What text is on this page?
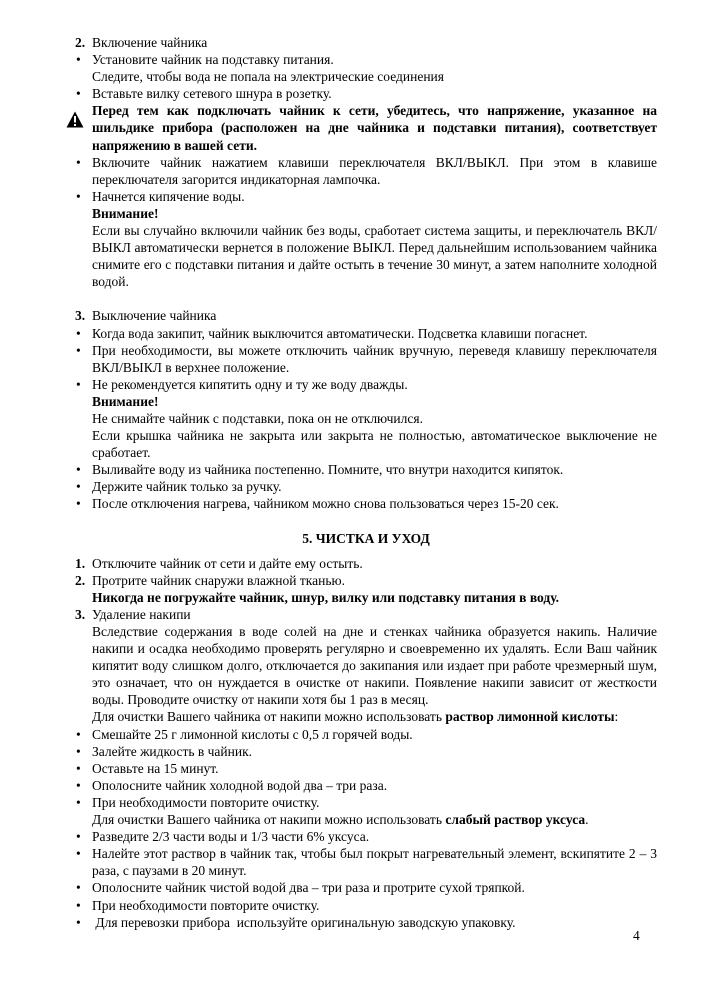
2. Включение чайника
• Установите чайник на подставку питания.
Следите, чтобы вода не попала на электрические соединения
• Вставьте вилку сетевого шнура в розетку.
Перед тем как подключать чайник к сети, убедитесь, что напряжение, указанное на шильдике прибора (расположен на дне чайника и подставки питания), соответствует напряжению в вашей сети.
• Включите чайник нажатием клавиши переключателя ВКЛ/ВЫКЛ. При этом в клавише переключателя загорится индикаторная лампочка.
• Начнется кипячение воды.
Внимание!
Если вы случайно включили чайник без воды, сработает система защиты, и переключатель ВКЛ/ВЫКЛ автоматически вернется в положение ВЫКЛ. Перед дальнейшим использованием чайника снимите его с подставки питания и дайте остыть в течение 30 минут, а затем наполните холодной водой.
3. Выключение чайника
• Когда вода закипит, чайник выключится автоматически. Подсветка клавиши погаснет.
• При необходимости, вы можете отключить чайник вручную, переведя клавишу переключателя ВКЛ/ВЫКЛ в верхнее положение.
• Не рекомендуется кипятить одну и ту же воду дважды.
Внимание!
Не снимайте чайник с подставки, пока он не отключился.
Если крышка чайника не закрыта или закрыта не полностью, автоматическое выключение не сработает.
• Выливайте воду из чайника постепенно. Помните, что внутри находится кипяток.
• Держите чайник только за ручку.
• После отключения нагрева, чайником можно снова пользоваться через 15-20 сек.
5. ЧИСТКА И УХОД
1. Отключите чайник от сети и дайте ему остыть.
2. Протрите чайник снаружи влажной тканью.
Никогда не погружайте чайник, шнур, вилку или подставку питания в воду.
3. Удаление накипи
Вследствие содержания в воде солей на дне и стенках чайника образуется накипь. Наличие накипи и осадка необходимо проверять регулярно и своевременно их удалять. Если Ваш чайник кипятит воду слишком долго, отключается до закипания или издает при работе чрезмерный шум, это означает, что он нуждается в очистке от накипи. Появление накипи зависит от жесткости воды. Проводите очистку от накипи хотя бы 1 раз в месяц.
Для очистки Вашего чайника от накипи можно использовать раствор лимонной кислоты:
• Смешайте 25 г лимонной кислоты с 0,5 л горячей воды.
• Залейте жидкость в чайник.
• Оставьте на 15 минут.
• Ополосните чайник холодной водой два – три раза.
• При необходимости повторите очистку.
Для очистки Вашего чайника от накипи можно использовать слабый раствор уксуса.
• Разведите 2/3 части воды и 1/3 части 6% уксуса.
• Налейте этот раствор в чайник так, чтобы был покрыт нагревательный элемент, вскипятите 2 – 3 раза, с паузами в 20 минут.
• Ополосните чайник чистой водой два – три раза и протрите сухой тряпкой.
• При необходимости повторите очистку.
•  Для перевозки прибора  используйте оригинальную заводскую упаковку.
4
